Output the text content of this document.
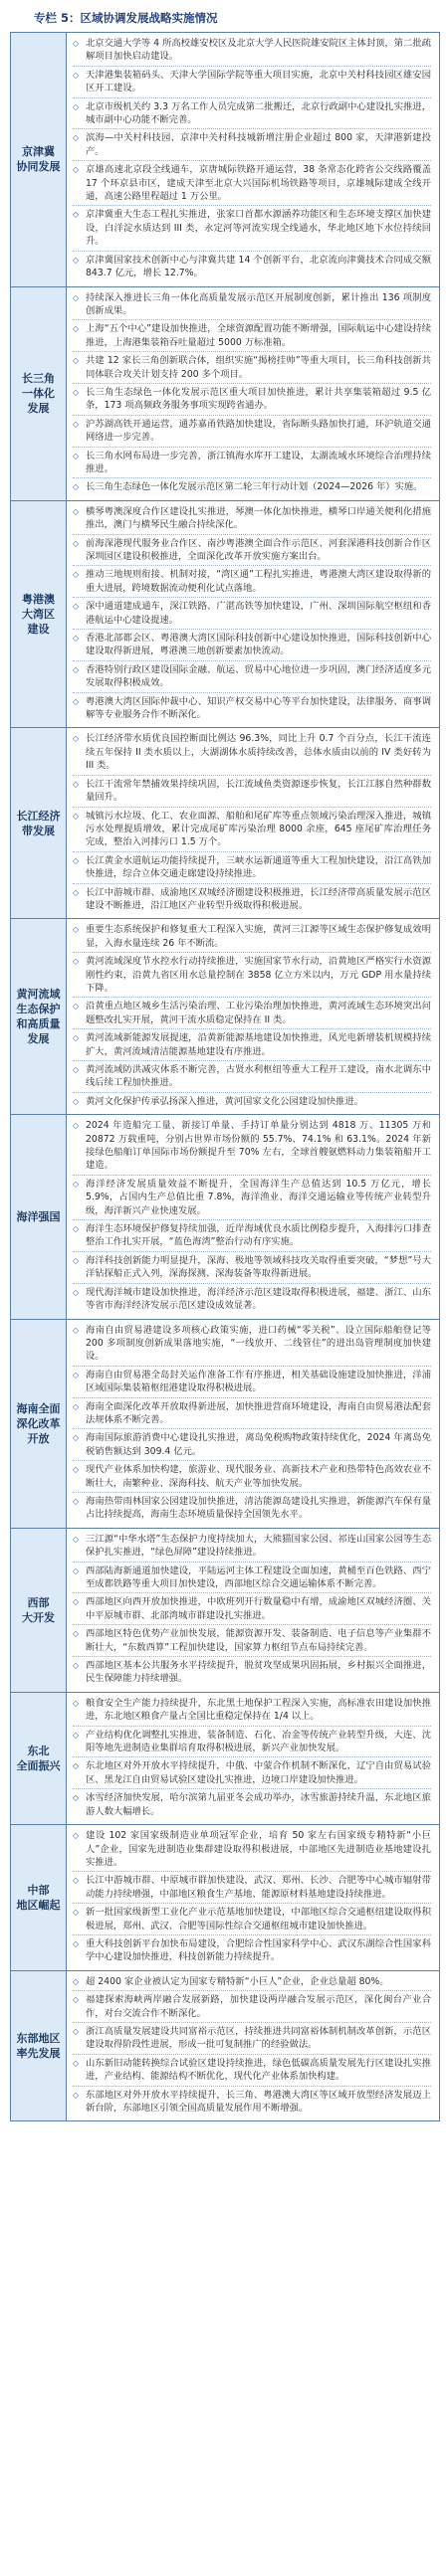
专栏 5：区域协调发展战略实施情况
京津冀
协同发展
◇ 北京交通大学等 4 所高校雄安校区及北京大学人民医院雄安院区主体封顶，第二批疏解项目加快启动建设。
◇ 天津港集装箱码头、天津大学国际学院等重大项目实施，北京中关村科技园区雄安园区开工建设。
◇ 北京市级机关约 3.3 万名工作人员完成第二批搬迁，北京行政副中心建设扎实推进，城市副中心功能不断完善。
◇ 滨海—中关村科技园、京津中关村科技城新增注册企业超过 800 家，天津港新建投产。
◇ 京雄高速北京段全线通车，京唐城际铁路开通运营，38 条常态化跨省公交线路覆盖 17 个环京县市区，建成天津至北京大兴国际机场铁路等项目，京雄城际建成全线开通，高速公路里程超过 1 万公里。
◇ 京津冀重大生态工程扎实推进，张家口首都水源涵养功能区和生态环境支撑区加快建设，白洋淀水质达到 III 类，永定河等河流实现全线通水，华北地区地下水位持续回升。
◇ 京津冀国家技术创新中心与津冀共建 14 个创新平台，北京流向津冀技术合同成交额 843.7 亿元，增长 12.7%。
长三角
一体化
发展
◇ 持续深入推进长三角一体化高质量发展示范区开展制度创新，累计推出 136 项制度创新成果。
◇ 上海“五个中心”建设加快推进，全球资源配置功能不断增强，国际航运中心建设持续推进，上海港集装箱吞吐量超过 5000 万标准箱。
◇ 共建 12 家长三角创新联合体，组织实施“揭榜挂帅”等重大项目，长三角科技创新共同体联合攻关计划支持 200 多个项目。
◇ 长三角生态绿色一体化发展示范区重大项目加快推进，累计共享集装箱超过 9.5 亿条，173 项高频政务服务事项实现跨省通办。
◇ 沪苏湖高铁开通运营，通苏嘉甬铁路加快建设，省际断头路加快打通，环沪轨道交通网络进一步完善。
◇ 长三角水网布局进一步完善，浙江镇海水库开工建设，太湖流域水环境综合治理持续推进。
◇ 长三角生态绿色一体化发展示范区第二轮三年行动计划（2024—2026 年）实施。
粤港澳
大湾区
建设
◇ 横琴粤澳深度合作区建设扎实推进，琴澳一体化加快推进，横琴口岸通关便利化措施推出，澳门与横琴民生融合持续深化。
◇ 前海深港现代服务业合作区、南沙粤港澳全面合作示范区、河套深港科技创新合作区深圳园区建设积极推进，全面深化改革开放实施方案出台。
◇ 推动三地规则衔接、机制对接，“湾区通”工程扎实推进，粤港澳大湾区建设取得新的重大进展，跨境数据流动便利化试点落地。
◇ 深中通道建成通车，深江铁路、广湛高铁等加快建设，广州、深圳国际航空枢纽和香港航运中心建设提速。
◇ 香港北部都会区、粤港澳大湾区国际科技创新中心建设加快推进，国际科技创新中心建设取得新进展，粤港澳三地创新要素加快流动。
◇ 香港特别行政区建设国际金融、航运、贸易中心地位进一步巩固，澳门经济适度多元发展取得积极成效。
◇ 粤港澳大湾区国际仲裁中心、知识产权交易中心等平台加快建设，法律服务、商事调解等专业服务合作不断深化。
长江经济
带发展
◇ 长江经济带水质优良国控断面比例达 96.3%，同比上升 0.7 个百分点，长江干流连续五年保持 II 类水质以上，大湖湖体水质持续改善，总体水质由以前的 IV 类好转为 III 类。
◇ 长江干流常年禁捕效果持续巩固，长江流域鱼类资源逐步恢复，长江江豚自然种群数量回升。
◇ 城镇污水垃圾、化工、农业面源、船舶和尾矿库等重点领域污染治理深入推进，城镇污水处理提质增效，累计完成尾矿库污染治理 8000 余座，645 座尾矿库治理任务完成，整治入河排污口 1.5 万个。
◇ 长江黄金水道航运功能持续提升，三峡水运新通道等重大工程加快建设，沿江高铁加快推进，综合立体交通走廊建设持续推进。
◇ 长江中游城市群、成渝地区双城经济圈建设积极推进，长江经济带高质量发展示范区建设不断推进，沿江地区产业转型升级取得积极进展。
黄河流域
生态保护
和高质量
发展
◇ 重要生态系统保护和修复重大工程深入实施，黄河三江源等区域生态保护修复成效明显，入海水量连续 26 年不断流。
◇ 黄河流域深度节水控水行动持续推进，实施国家节水行动，沿黄地区严格实行水资源刚性约束，沿黄九省区用水总量控制在 3858 亿立方米以内，万元 GDP 用水量持续下降。
◇ 沿黄重点地区城乡生活污染治理、工业污染治理加快推进，黄河流域生态环境突出问题整改扎实开展，黄河干流水质稳定保持在 II 类。
◇ 黄河流域新能源发展提速，沿黄新能源基地建设加快推进，风光电新增装机规模持续扩大，黄河流域清洁能源基地建设有序推进。
◇ 黄河流域防洪减灾体系不断完善，古贤水利枢纽等重大工程开工建设，南水北调东中线后续工程加快推进。
◇ 黄河文化保护传承弘扬深入推进，黄河国家文化公园建设加快推进。
海洋强国
◇ 2024 年造船完工量、新接订单量、手持订单量分别达到 4818 万、11305 万和 20872 万载重吨，分别占世界市场份额的 55.7%、74.1% 和 63.1%。2024 年新接绿色船舶订单国际市场份额提升至 70% 左右，全球首艘氨燃料动力集装箱船开工建造。
◇ 海洋经济发展质量效益不断提升，全国海洋生产总值达到 10.5 万亿元，增长 5.9%，占国内生产总值比重 7.8%，海洋渔业、海洋交通运输业等传统产业转型升级，海洋新兴产业快速发展。
◇ 海洋生态环境保护修复持续加强，近岸海域优良水质比例稳步提升，入海排污口排查整治工作扎实开展，“蓝色海湾”整治行动有序实施。
◇ 海洋科技创新能力明显提升，深海、极地等领域科技攻关取得重要突破，“梦想”号大洋钻探船正式入列，深海探测、深海装备等取得新进展。
◇ 现代海洋城市建设加快推进，海洋经济示范区建设取得积极进展，福建、浙江、山东等省市海洋经济发展示范区建设成效显著。
海南全面
深化改革
开放
◇ 海南自由贸易港建设多项核心政策实施，进口药械“零关税”、设立国际船舶登记等 200 多项制度创新成果落地实施，“一线放开、二线管住”的进出岛管理制度加快建设。
◇ 海南自由贸易港全岛封关运作准备工作有序推进，相关基础设施建设加快推进，洋浦区域国际集装箱枢纽港建设取得积极进展。
◇ 海南全面深化改革开放取得新进展，加快推进营商环境建设，海南自由贸易港法配套法规体系不断完善。
◇ 海南国际旅游消费中心建设扎实推进，离岛免税购物政策持续优化，2024 年离岛免税销售额达到 309.4 亿元。
◇ 现代产业体系加快构建，旅游业、现代服务业、高新技术产业和热带特色高效农业不断壮大，南繁种业、深海科技、航天产业等加快发展。
◇ 海南热带雨林国家公园建设加快推进，清洁能源岛建设扎实推进，新能源汽车保有量占比持续提高，海南生态环境质量保持全国领先水平。
西部
大开发
◇ 三江源“中华水塔”生态保护力度持续加大，大熊猫国家公园、祁连山国家公园等生态保护扎实推进，“绿色屏障”建设持续推进。
◇ 西部陆海新通道加快建设，平陆运河主体工程建设全面加速，黄桶至百色铁路、西宁至成都铁路等重大项目加快建设，西部地区综合交通运输体系不断完善。
◇ 西部地区向西开放加快推进，中欧班列开行数量稳中有增，成渝地区双城经济圈、关中平原城市群、北部湾城市群建设扎实推进。
◇ 西部地区特色优势产业加快发展，能源资源开发、装备制造、电子信息等产业集群不断壮大，“东数西算”工程加快建设，国家算力枢纽节点布局持续完善。
◇ 西部地区基本公共服务水平持续提升，脱贫攻坚成果巩固拓展，乡村振兴全面推进，民生保障能力持续增强。
东北
全面振兴
◇ 粮食安全生产能力持续提升，东北黑土地保护工程深入实施，高标准农田建设加快推进，东北地区粮食产量占全国比重稳定保持在 1/4 以上。
◇ 产业结构优化调整扎实推进，装备制造、石化、冶金等传统产业转型升级，大连、沈阳等地先进制造业集群培育取得积极进展，新兴产业加快发展。
◇ 东北地区对外开放水平持续提升，中俄、中蒙合作机制不断深化，辽宁自由贸易试验区、黑龙江自由贸易试验区建设扎实推进，边境口岸建设加快推进。
◇ 冰雪经济加快发展，哈尔滨第九届亚冬会成功举办，冰雪旅游持续升温，东北地区旅游人数大幅增长。
中部
地区崛起
◇ 建设 102 家国家级制造业单项冠军企业，培育 50 家左右国家级专精特新“小巨人”企业，国家先进制造业集群建设取得积极进展，中部地区先进制造业基地建设扎实推进。
◇ 长江中游城市群、中原城市群加快建设，武汉、郑州、长沙、合肥等中心城市辐射带动能力持续增强，中部地区粮食生产基地、能源原材料基地建设持续推进。
◇ 新一批国家级新型工业化产业示范基地加快建设，中部地区综合交通枢纽建设取得积极进展，郑州、武汉、合肥等国际性综合交通枢纽城市建设加快推进。
◇ 重大科技创新平台加快布局建设，合肥综合性国家科学中心、武汉东湖综合性国家科学中心建设加快推进，科技创新能力持续提升。
东部地区
率先发展
◇ 超 2400 家企业被认定为国家专精特新“小巨人”企业，企业总量超 80%。
◇ 福建探索海峡两岸融合发展新路，加快建设两岸融合发展示范区，深化闽台产业合作，对台交流合作不断深化。
◇ 浙江高质量发展建设共同富裕示范区，持续推进共同富裕体制机制改革创新，示范区建设取得阶段性进展，形成一批可复制推广的经验做法。
◇ 山东新旧动能转换综合试验区建设持续推进，绿色低碳高质量发展先行区建设扎实推进，产业结构、能源结构不断优化，现代化产业体系加快构建。
◇ 东部地区对外开放水平持续提升，长三角、粤港澳大湾区等区域开放型经济发展迈上新台阶，东部地区引领全国高质量发展作用不断增强。
